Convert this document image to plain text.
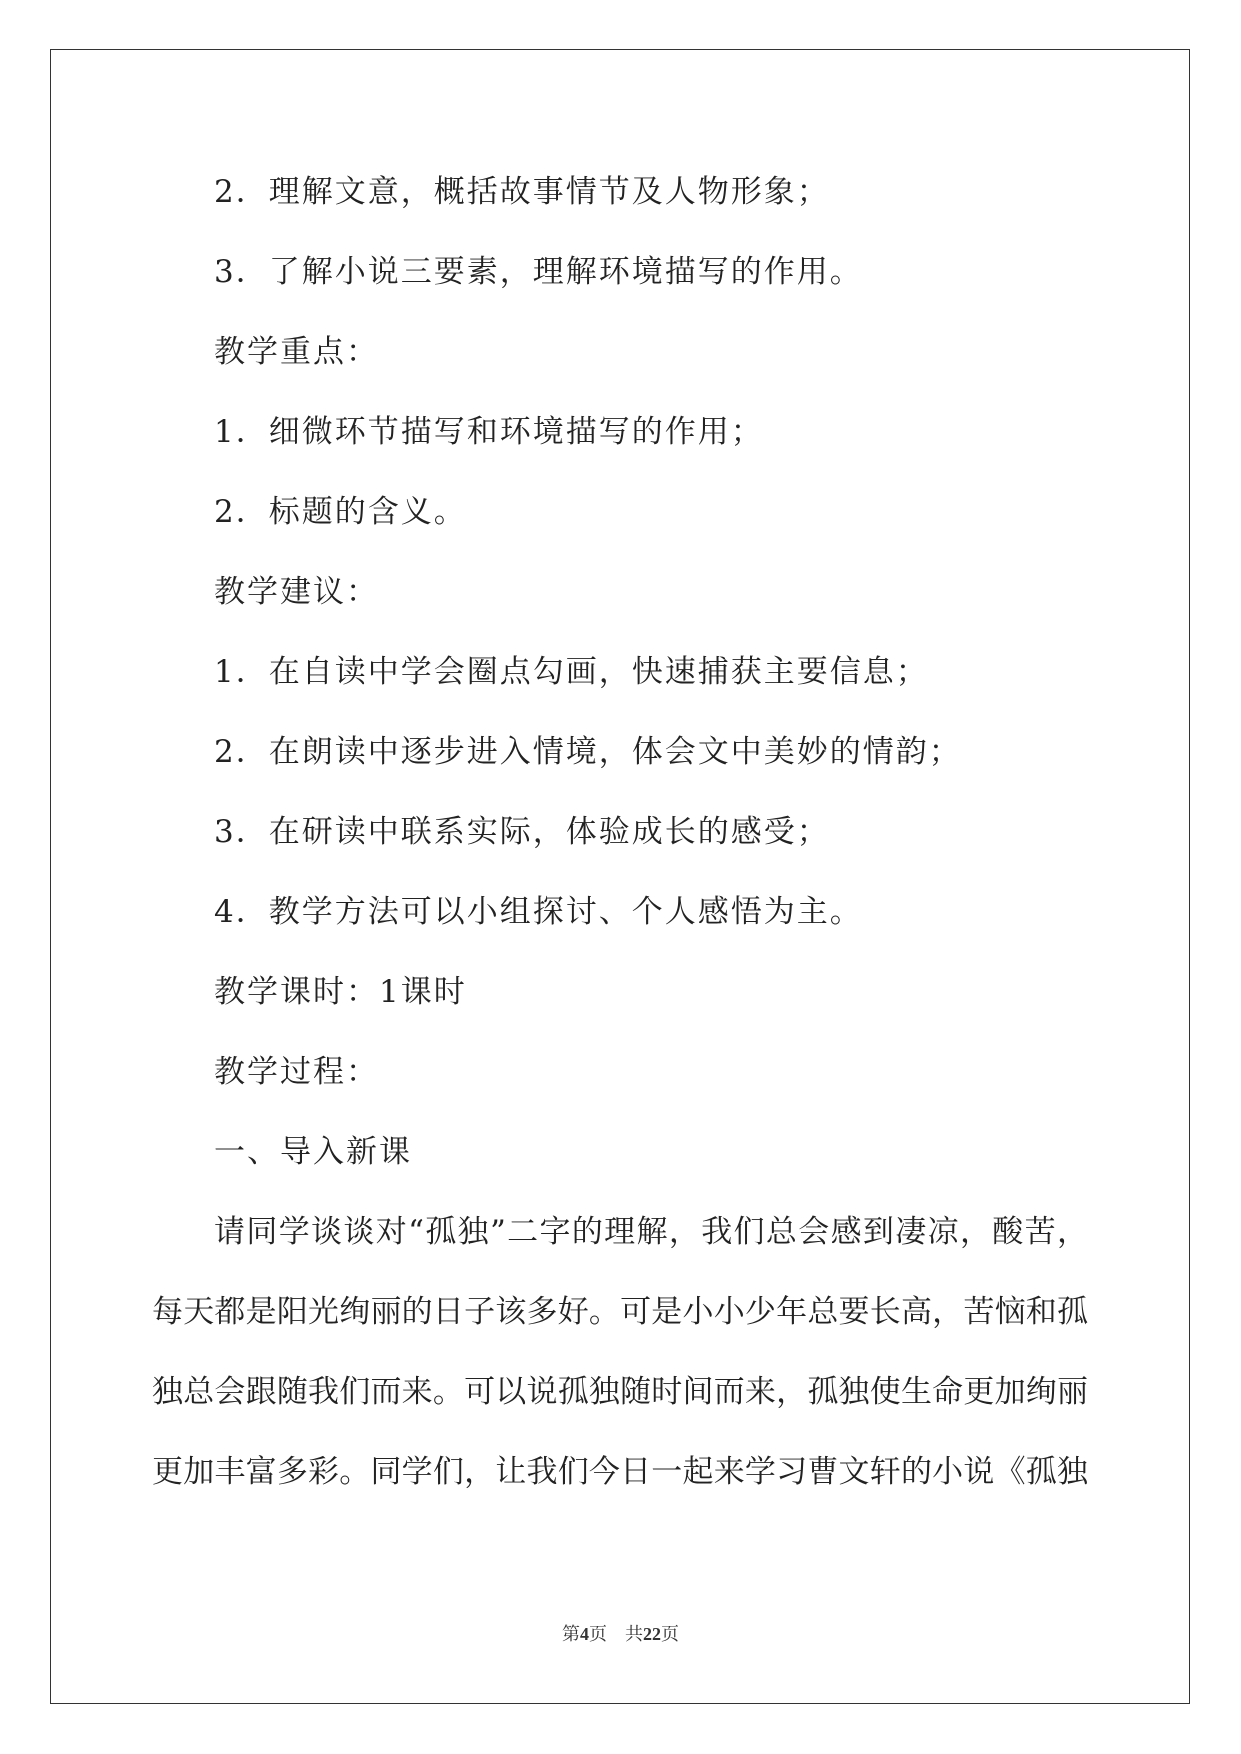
2．理解文意，概括故事情节及人物形象；
3．了解小说三要素，理解环境描写的作用。
教学重点：
1．细微环节描写和环境描写的作用；
2．标题的含义。
教学建议：
1．在自读中学会圈点勾画，快速捕获主要信息；
2．在朗读中逐步进入情境，体会文中美妙的情韵；
3．在研读中联系实际，体验成长的感受；
4．教学方法可以小组探讨、个人感悟为主。
教学课时：1课时
教学过程：
一、导入新课
请同学谈谈对“孤独”二字的理解，我们总会感到凄凉，酸苦，
每天都是阳光绚丽的日子该多好。可是小小少年总要长高，苦恼和孤
独总会跟随我们而来。可以说孤独随时间而来，孤独使生命更加绚丽
更加丰富多彩。同学们，让我们今日一起来学习曹文轩的小说《孤独
第4页 共22页
